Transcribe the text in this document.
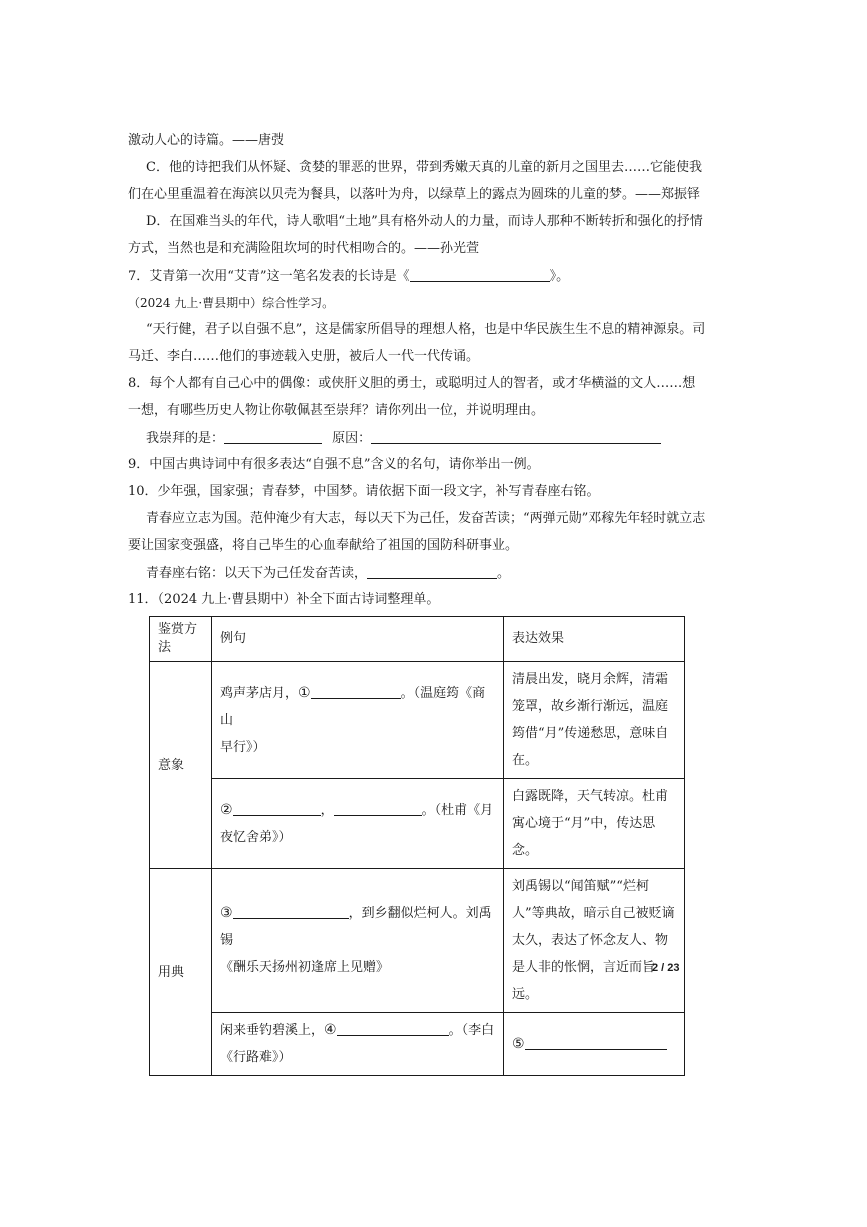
激动人心的诗篇。——唐弢
C．他的诗把我们从怀疑、贪婪的罪恶的世界，带到秀嫩天真的儿童的新月之国里去……它能使我
们在心里重温着在海滨以贝壳为餐具，以落叶为舟，以绿草上的露点为圆珠的儿童的梦。——郑振铎
D．在国难当头的年代，诗人歌唱“土地”具有格外动人的力量，而诗人那种不断转折和强化的抒情
方式，当然也是和充满险阻坎坷的时代相吻合的。——孙光萱
7．艾青第一次用“艾青”这一笔名发表的长诗是《	》。
（2024 九上·曹县期中）综合性学习。
“天行健，君子以自强不息”，这是儒家所倡导的理想人格，也是中华民族生生不息的精神源泉。司
马迁、李白……他们的事迹载入史册，被后人一代一代传诵。
8．每个人都有自己心中的偶像：或侠肝义胆的勇士，或聪明过人的智者，或才华横溢的文人……想
一想，有哪些历史人物让你敬佩甚至崇拜？请你列出一位，并说明理由。
我崇拜的是：	原因：
9．中国古典诗词中有很多表达“自强不息”含义的名句，请你举出一例。
10．少年强，国家强；青春梦，中国梦。请依据下面一段文字，补写青春座右铭。
青春应立志为国。范仲淹少有大志，每以天下为己任，发奋苦读；“两弹元勋”邓稼先年轻时就立志
要让国家变强盛，将自己毕生的心血奉献给了祖国的国防科研事业。
青春座右铭：以天下为己任发奋苦读，	。
11．（2024 九上·曹县期中）补全下面古诗词整理单。
鉴赏方法	例句	表达效果
意象	鸡声茅店月，① 。（温庭筠《商山
早行》）	清晨出发，晓月余辉，清霜笼罩，故乡渐行渐远，温庭筠借“月”传递愁思，意味自在。
	② ， 。（杜甫《月
夜忆舍弟》）	白露既降，天气转凉。杜甫寓心境于“月”中，传达思念。
用典	③ ，到乡翻似烂柯人。刘禹锡
《酬乐天扬州初逢席上见赠》	刘禹锡以“闻笛赋”“烂柯人”等典故，暗示自己被贬谪太久，表达了怀念友人、物是人非的怅惘，言近而旨远。
	闲来垂钓碧溪上，④ 。（李白
《行路难》）	⑤
2 / 23
